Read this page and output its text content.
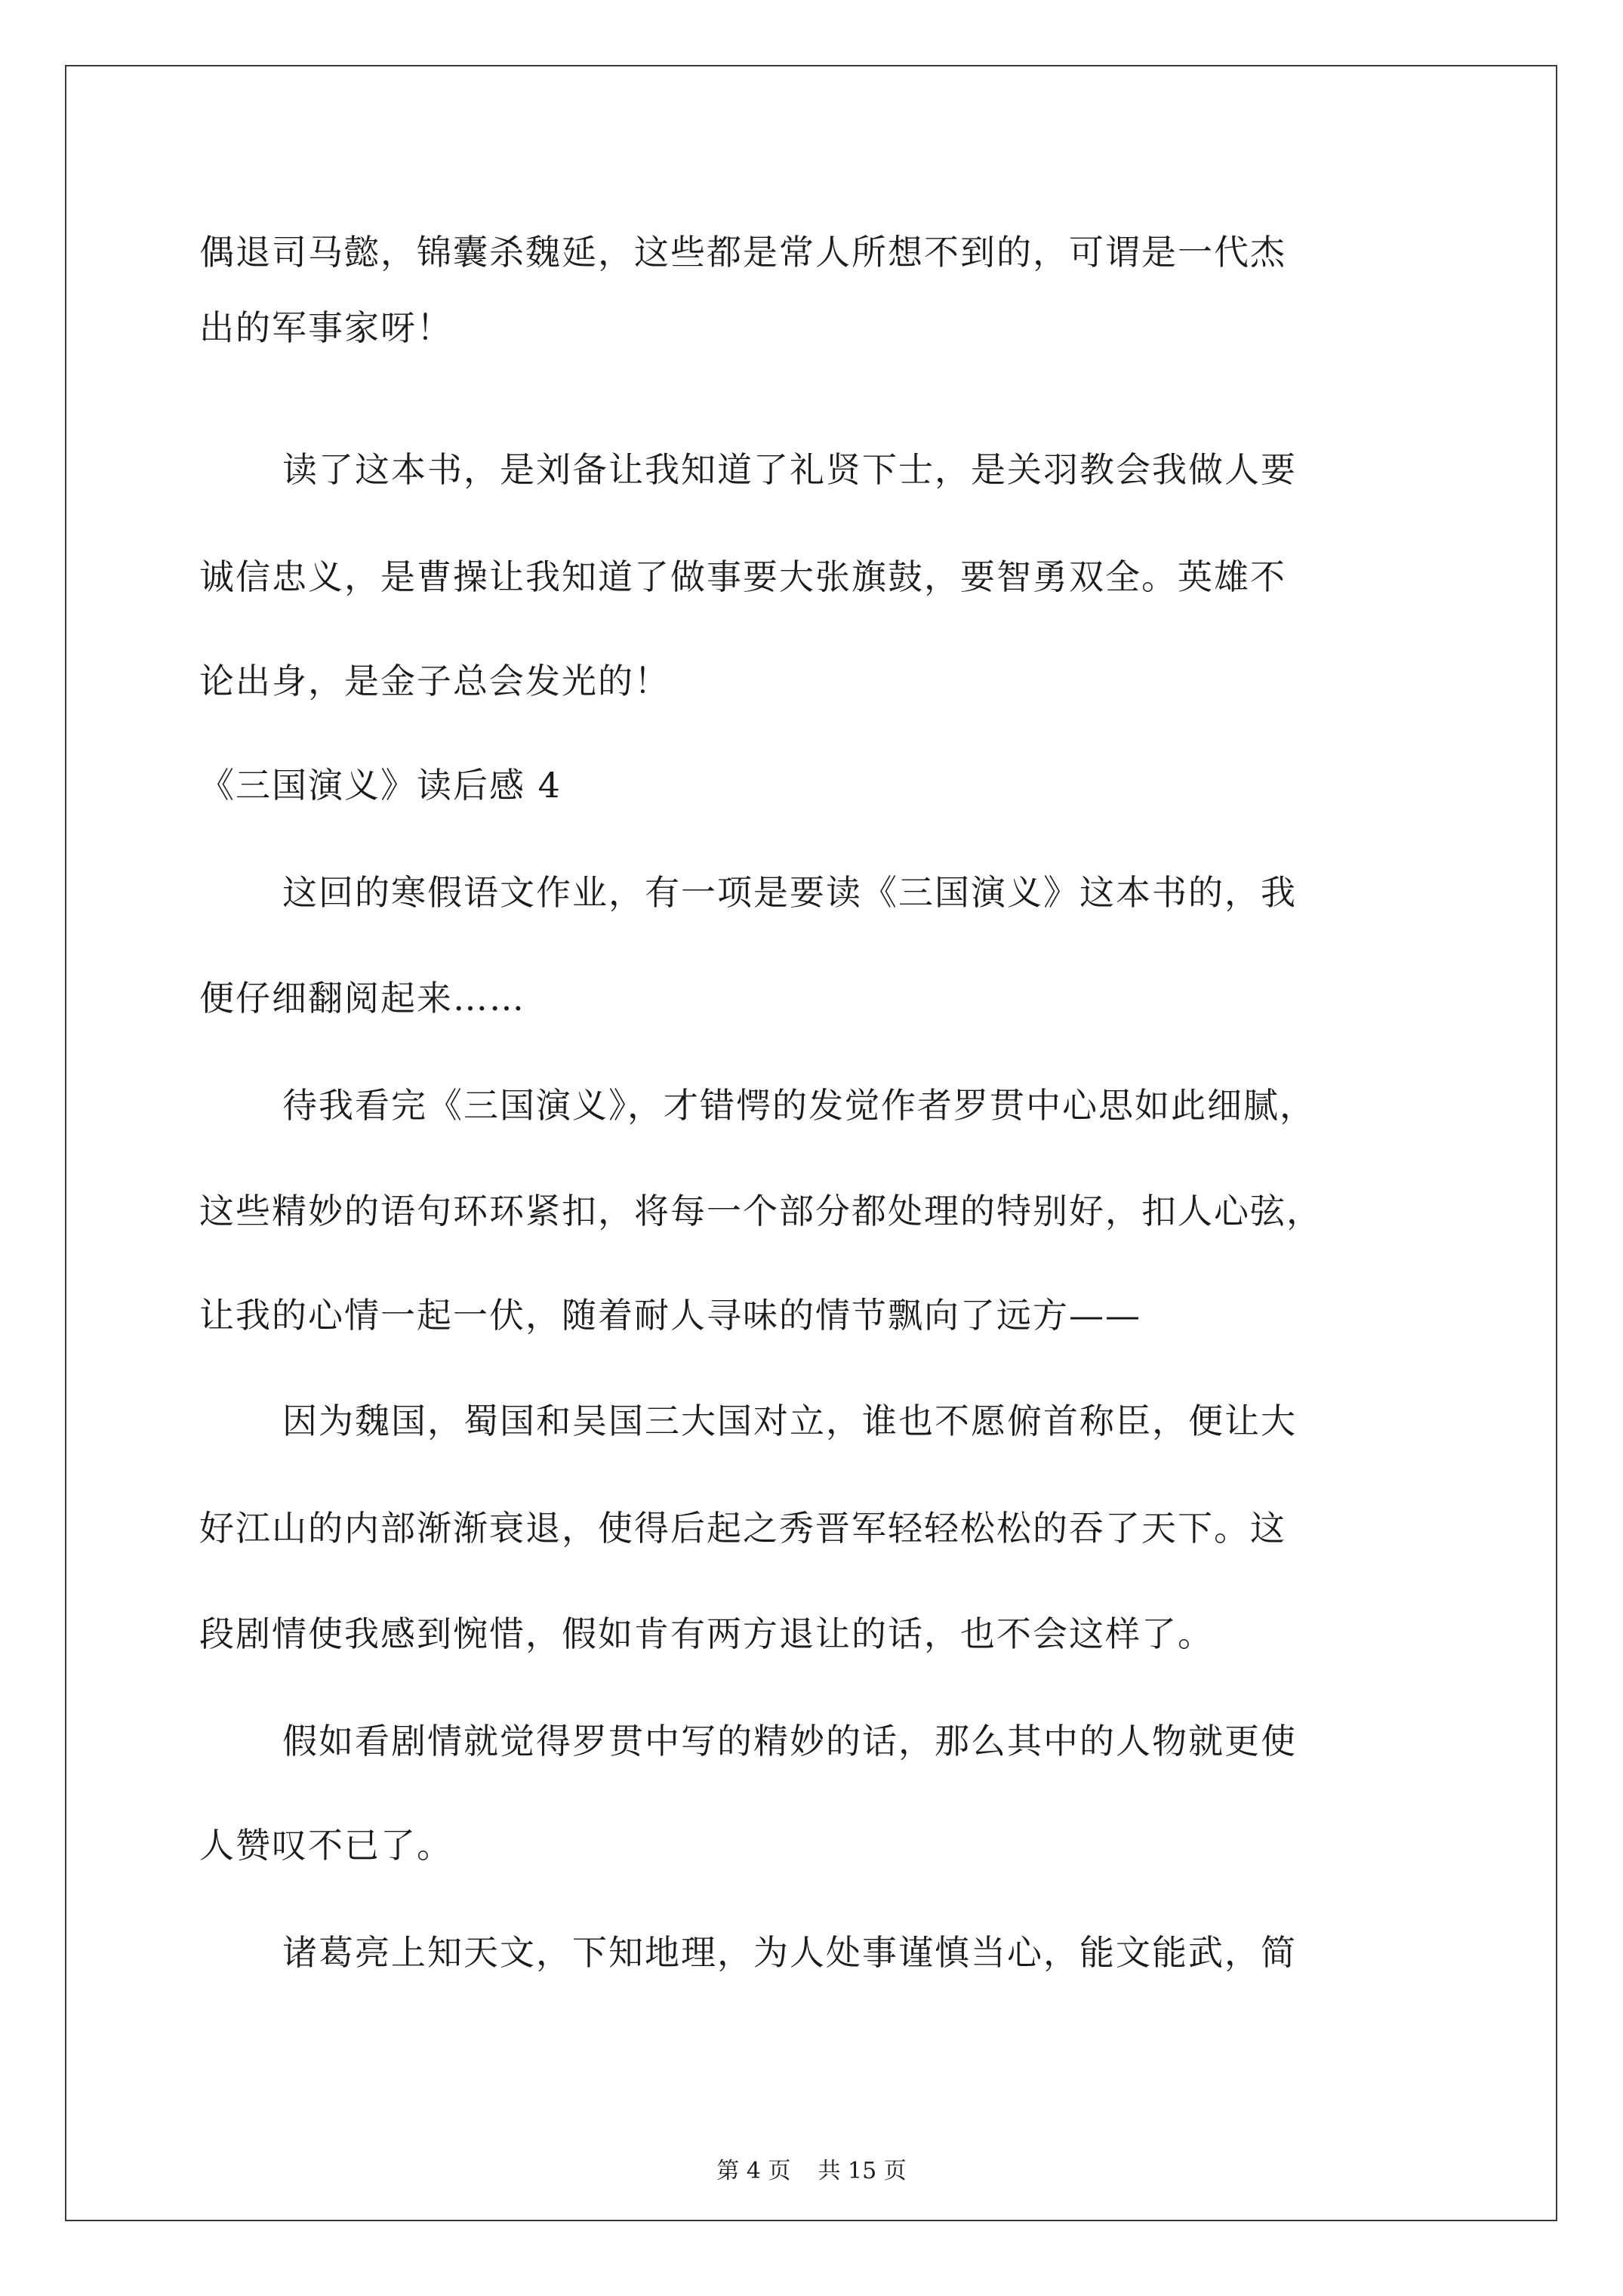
偶退司马懿，锦囊杀魏延，这些都是常人所想不到的，可谓是一代杰
出的军事家呀！
读了这本书，是刘备让我知道了礼贤下士，是关羽教会我做人要
诚信忠义，是曹操让我知道了做事要大张旗鼓，要智勇双全。英雄不
论出身，是金子总会发光的！
《三国演义》读后感 4
这回的寒假语文作业，有一项是要读《三国演义》这本书的，我
便仔细翻阅起来……
待我看完《三国演义》，才错愕的发觉作者罗贯中心思如此细腻，
这些精妙的语句环环紧扣，将每一个部分都处理的特别好，扣人心弦，
让我的心情一起一伏，随着耐人寻味的情节飘向了远方——
因为魏国，蜀国和吴国三大国对立，谁也不愿俯首称臣，便让大
好江山的内部渐渐衰退，使得后起之秀晋军轻轻松松的吞了天下。这
段剧情使我感到惋惜，假如肯有两方退让的话，也不会这样了。
假如看剧情就觉得罗贯中写的精妙的话，那么其中的人物就更使
人赞叹不已了。
诸葛亮上知天文，下知地理，为人处事谨慎当心，能文能武，简
第 4 页 共 15 页
